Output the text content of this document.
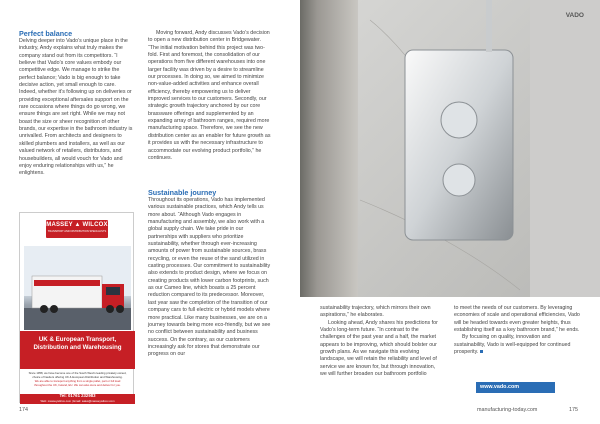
Perfect balance

Delving deeper into Vado’s unique place in the industry, Andy explains what truly makes the company stand out from its competitors. “I believe that Vado’s core values embody our competitive edge. We manage to strike the perfect balance; Vado is big enough to take decisive action, yet small enough to care. Indeed, whether it’s following up on deliveries or providing exceptional aftersales support on the rare occasions where things do go wrong, we ensure things are set right. While we may not boast the size or sheer recognition of other brands, our expertise in the bathroom industry is unrivalled. From architects and designers to skilled plumbers and installers, as well as our valued network of retailers, distributors, and housebuilders, all would vouch for Vado and enjoy enduring relationships with us,” he enlightens.

Moving forward, Andy discusses Vado’s decision to open a new distribution center in Bridgewater. “The initial motivation behind this project was two-fold. First and foremost, the consolidation of our operations from five different warehouses into one larger facility was driven by a desire to streamline our processes. In doing so, we aimed to minimize non-value-added activities and enhance overall efficiency, thereby empowering us to deliver improved services to our customers. Secondly, our strategic growth trajectory anchored by our core brassware offerings and supplemented by an expanding array of bathroom ranges, required more manufacturing space. Therefore, we see the new distribution center as an enabler for future growth as it provides us with the necessary infrastructure to accommodate our evolving product portfolio,” he continues.

Sustainable journey

Throughout its operations, Vado has implemented various sustainable practices, which Andy tells us more about. “Although Vado engages in manufacturing and assembly, we also work with a global supply chain. We take pride in our partnerships with suppliers who prioritize sustainability, whether through ever-increasing amounts of power from sustainable sources, brass recycling, or even the reuse of the sand utilized in casting processes. Our commitment to sustainability also extends to product design, where we focus on creating products with lower carbon footprints, such as our Cameo line, which boasts a 25 percent reduction compared to its predecessor. Moreover, last year saw the completion of the transition of our company cars to full electric or hybrid models where more practical. Like many businesses, we are on a journey towards being more eco-friendly, but we see no conflict between sustainability and business success. On the contrary, as our customers increasingly ask for stores that demonstrate our progress on our

MASSEY ▲ WILCOX
TRANSPORT AND DISTRIBUTION SPECIALISTS
UK & European Transport, Distribution and Warehousing
Since 1958, we have become one of the South West’s leading privately owned, choice of hauliers offering UK & European Distribution and Warehousing.
We are able to transport anything from a single pallet, part or full load throughout the UK, Ireland, EU. We can also store and deliver for you.
Tel: 01761 232983
Web: masseywilcox.com | Email: sales@masseywilcox.com
174
VADO

sustainability trajectory, which mirrors their own aspirations,” he elaborates.

Looking ahead, Andy shares his predictions for Vado’s long-term future. “In contrast to the challenges of the past year and a half, the market appears to be improving, which should bolster our growth plans. As we navigate this evolving landscape, we will retain the reliability and level of service we are known for, but through innovation, we will further broaden our bathroom portfolio

to meet the needs of our customers. By leveraging economies of scale and operational efficiencies, Vado will be headed towards even greater heights, thus establishing itself as a key bathroom brand,” he ends.

By focusing on quality, innovation and sustainability, Vado is well-equipped for continued prosperity.

www.vado.com
manufacturing-today.com	175
